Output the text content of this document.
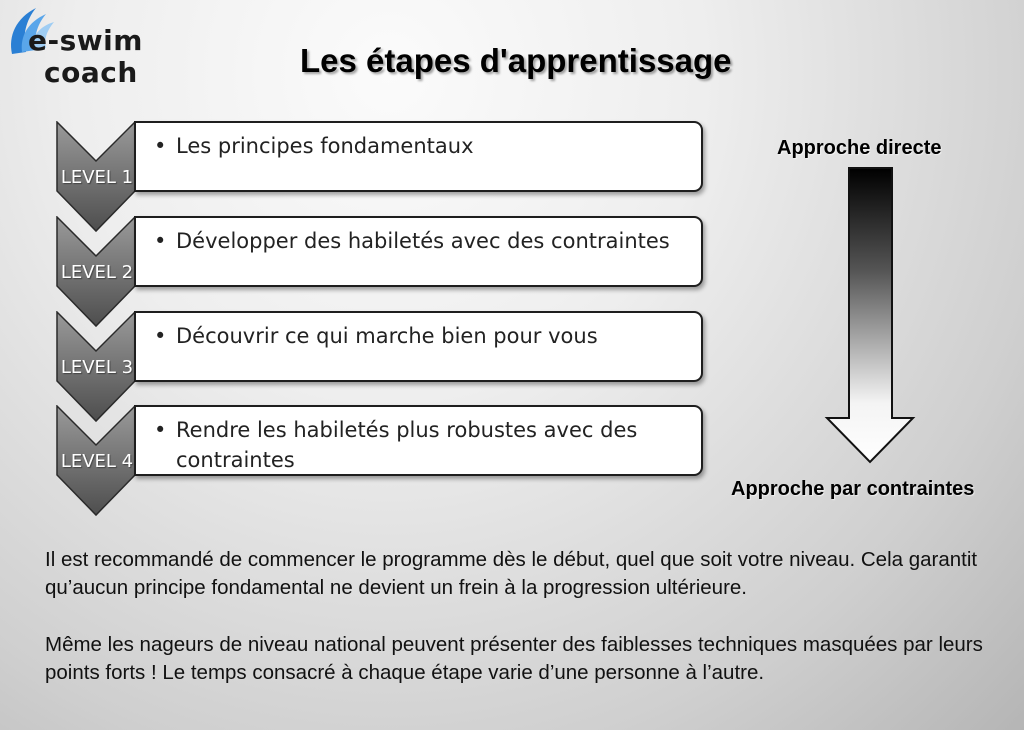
e-swim
coach	Les étapes d'apprentissage
LEVEL 1
• Les principes fondamentaux
LEVEL 2
• Développer des habiletés avec des contraintes
LEVEL 3
• Découvrir ce qui marche bien pour vous
LEVEL 4
• Rendre les habiletés plus robustes avec des contraintes
Approche directe
Approche par contraintes

Il est recommandé de commencer le programme dès le début, quel que soit votre niveau. Cela garantit qu’aucun principe fondamental ne devient un frein à la progression ultérieure.

Même les nageurs de niveau national peuvent présenter des faiblesses techniques masquées par leurs points forts ! Le temps consacré à chaque étape varie d’une personne à l’autre.
